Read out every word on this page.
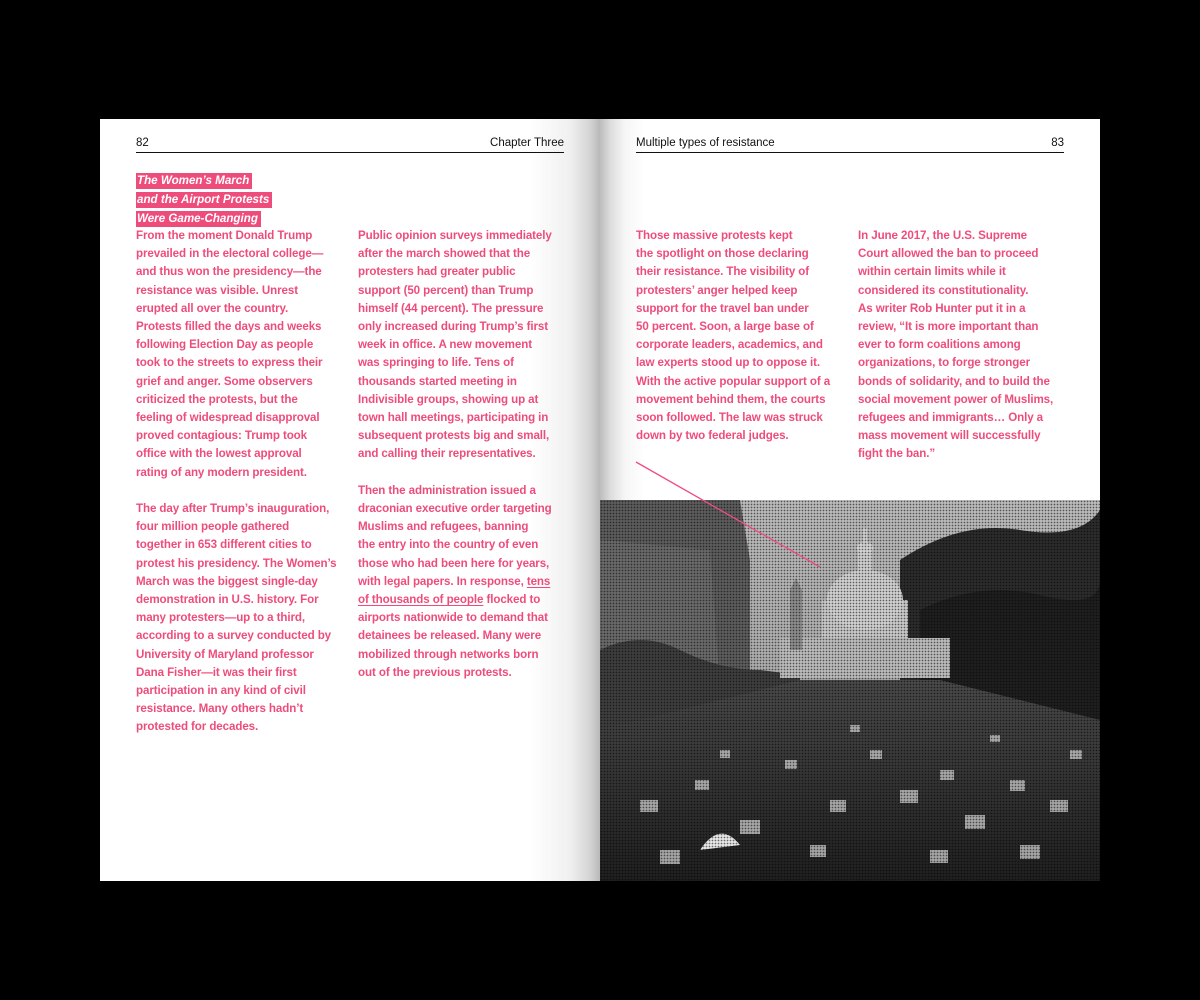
82	Chapter Three
The Women’s March
and the Airport Protests
Were Game-Changing

From the moment Donald Trump
prevailed in the electoral college—
and thus won the presidency—the
resistance was visible. Unrest
erupted all over the country.
Protests filled the days and weeks
following Election Day as people
took to the streets to express their
grief and anger. Some observers
criticized the protests, but the
feeling of widespread disapproval
proved contagious: Trump took
office with the lowest approval
rating of any modern president.

The day after Trump’s inauguration,
four million people gathered
together in 653 different cities to
protest his presidency. The Women’s
March was the biggest single-day
demonstration in U.S. history. For
many protesters—up to a third,
according to a survey conducted by
University of Maryland professor
Dana Fisher—it was their first
participation in any kind of civil
resistance. Many others hadn’t
protested for decades.

Public opinion surveys immediately
after the march showed that the
protesters had greater public
support (50 percent) than Trump
himself (44 percent). The pressure
only increased during Trump’s first
week in office. A new movement
was springing to life. Tens of
thousands started meeting in
Indivisible groups, showing up at
town hall meetings, participating in
subsequent protests big and small,
and calling their representatives.

Then the administration issued a
draconian executive order targeting
Muslims and refugees, banning
the entry into the country of even
those who had been here for years,
with legal papers. In response, tens
of thousands of people flocked to
airports nationwide to demand that
detainees be released. Many were
mobilized through networks born
out of the previous protests.

Multiple types of resistance	83

Those massive protests kept
the spotlight on those declaring
their resistance. The visibility of
protesters’ anger helped keep
support for the travel ban under
50 percent. Soon, a large base of
corporate leaders, academics, and
law experts stood up to oppose it.
With the active popular support of a
movement behind them, the courts
soon followed. The law was struck
down by two federal judges.

In June 2017, the U.S. Supreme
Court allowed the ban to proceed
within certain limits while it
considered its constitutionality.
As writer Rob Hunter put it in a
review, “It is more important than
ever to form coalitions among
organizations, to forge stronger
bonds of solidarity, and to build the
social movement power of Muslims,
refugees and immigrants… Only a
mass movement will successfully
fight the ban.”
